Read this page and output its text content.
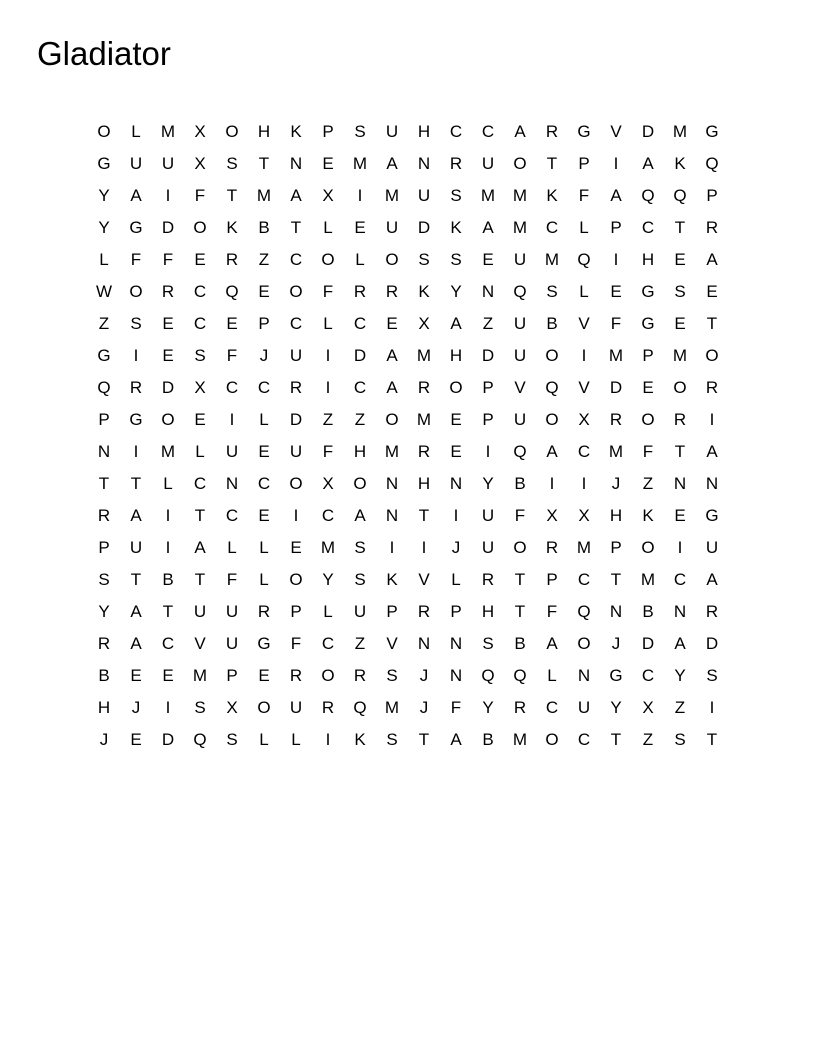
Gladiator
O	L	M	X	O	H	K	P	S	U	H	C	C	A	R	G	V	D	M	G
G	U	U	X	S	T	N	E	M	A	N	R	U	O	T	P	I	A	K	Q
Y	A	I	F	T	M	A	X	I	M	U	S	M	M	K	F	A	Q	Q	P
Y	G	D	O	K	B	T	L	E	U	D	K	A	M	C	L	P	C	T	R
L	F	F	E	R	Z	C	O	L	O	S	S	E	U	M	Q	I	H	E	A
W	O	R	C	Q	E	O	F	R	R	K	Y	N	Q	S	L	E	G	S	E
Z	S	E	C	E	P	C	L	C	E	X	A	Z	U	B	V	F	G	E	T
G	I	E	S	F	J	U	I	D	A	M	H	D	U	O	I	M	P	M	O
Q	R	D	X	C	C	R	I	C	A	R	O	P	V	Q	V	D	E	O	R
P	G	O	E	I	L	D	Z	Z	O	M	E	P	U	O	X	R	O	R	I
N	I	M	L	U	E	U	F	H	M	R	E	I	Q	A	C	M	F	T	A
T	T	L	C	N	C	O	X	O	N	H	N	Y	B	I	I	J	Z	N	N
R	A	I	T	C	E	I	C	A	N	T	I	U	F	X	X	H	K	E	G
P	U	I	A	L	L	E	M	S	I	I	J	U	O	R	M	P	O	I	U
S	T	B	T	F	L	O	Y	S	K	V	L	R	T	P	C	T	M	C	A
Y	A	T	U	U	R	P	L	U	P	R	P	H	T	F	Q	N	B	N	R
R	A	C	V	U	G	F	C	Z	V	N	N	S	B	A	O	J	D	A	D
B	E	E	M	P	E	R	O	R	S	J	N	Q	Q	L	N	G	C	Y	S
H	J	I	S	X	O	U	R	Q	M	J	F	Y	R	C	U	Y	X	Z	I
J	E	D	Q	S	L	L	I	K	S	T	A	B	M	O	C	T	Z	S	T
